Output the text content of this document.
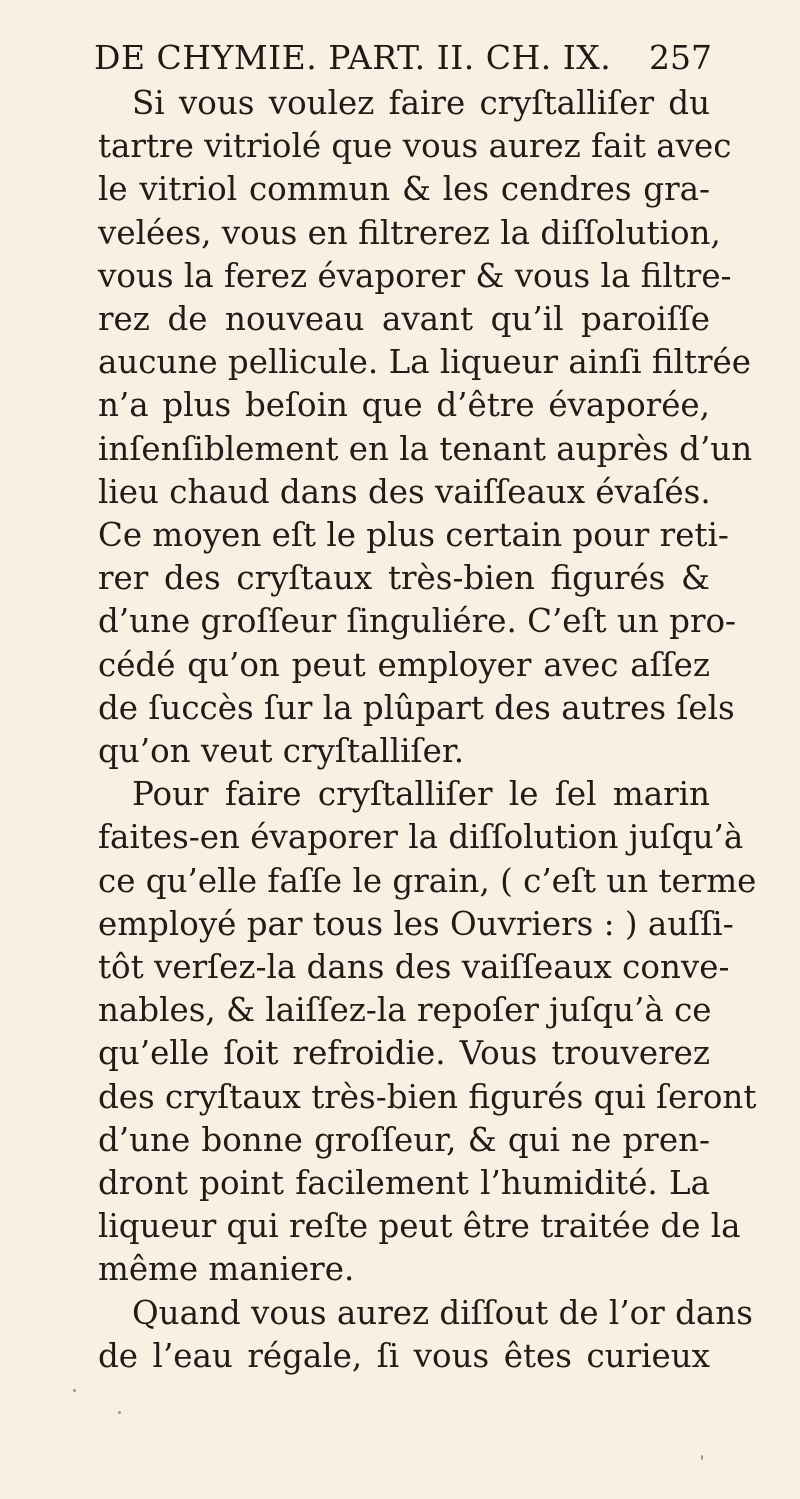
DE CHYMIE. PART. II. CH. IX. 257
Si vous voulez faire cryſtalliſer du
tartre vitriolé que vous aurez fait avec
le vitriol commun & les cendres gra-
velées, vous en filtrerez la diſſolution,
vous la ferez évaporer & vous la filtre-
rez de nouveau avant qu’il paroiſſe
aucune pellicule. La liqueur ainſi filtrée
n’a plus beſoin que d’être évaporée,
inſenſiblement en la tenant auprès d’un
lieu chaud dans des vaiſſeaux évaſés.
Ce moyen eſt le plus certain pour reti-
rer des cryſtaux très-bien figurés &
d’une groſſeur ſinguliére. C’eſt un pro-
cédé qu’on peut employer avec aſſez
de ſuccès ſur la plûpart des autres ſels
qu’on veut cryſtalliſer.
Pour faire cryſtalliſer le ſel marin
faites-en évaporer la diſſolution juſqu’à
ce qu’elle faſſe le grain, ( c’eſt un terme
employé par tous les Ouvriers : ) auſſi-
tôt verſez-la dans des vaiſſeaux conve-
nables, & laiſſez-la repoſer juſqu’à ce
qu’elle ſoit refroidie. Vous trouverez
des cryſtaux très-bien figurés qui ſeront
d’une bonne groſſeur, & qui ne pren-
dront point facilement l’humidité. La
liqueur qui reſte peut être traitée de la
même maniere.
Quand vous aurez diſſout de l’or dans
de l’eau régale, ſi vous êtes curieux
